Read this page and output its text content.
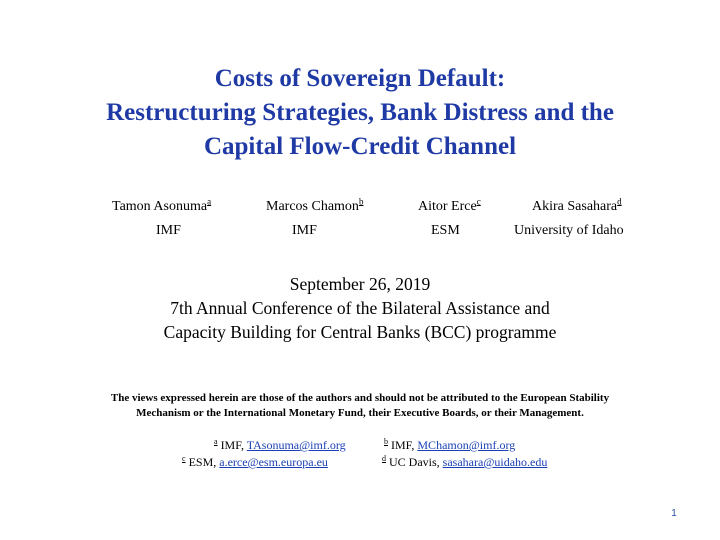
Costs of Sovereign Default:
Restructuring Strategies, Bank Distress and the
Capital Flow-Credit Channel
Tamon Asonuma$^a$
IMF
Marcos Chamon$^b$
IMF
Aitor Erce$^c$
ESM
Akira Sasahara$^d$
University of Idaho
September 26, 2019
7th Annual Conference of the Bilateral Assistance and
Capacity Building for Central Banks (BCC) programme
The views expressed herein are those of the authors and should not be attributed to the European Stability
Mechanism or the International Monetary Fund, their Executive Boards, or their Management.
$^a$ IMF, TAsonuma@imf.org	$^b$ IMF, MChamon@imf.org
$^c$ ESM, a.erce@esm.europa.eu	$^d$ UC Davis, sasahara@uidaho.edu
1
